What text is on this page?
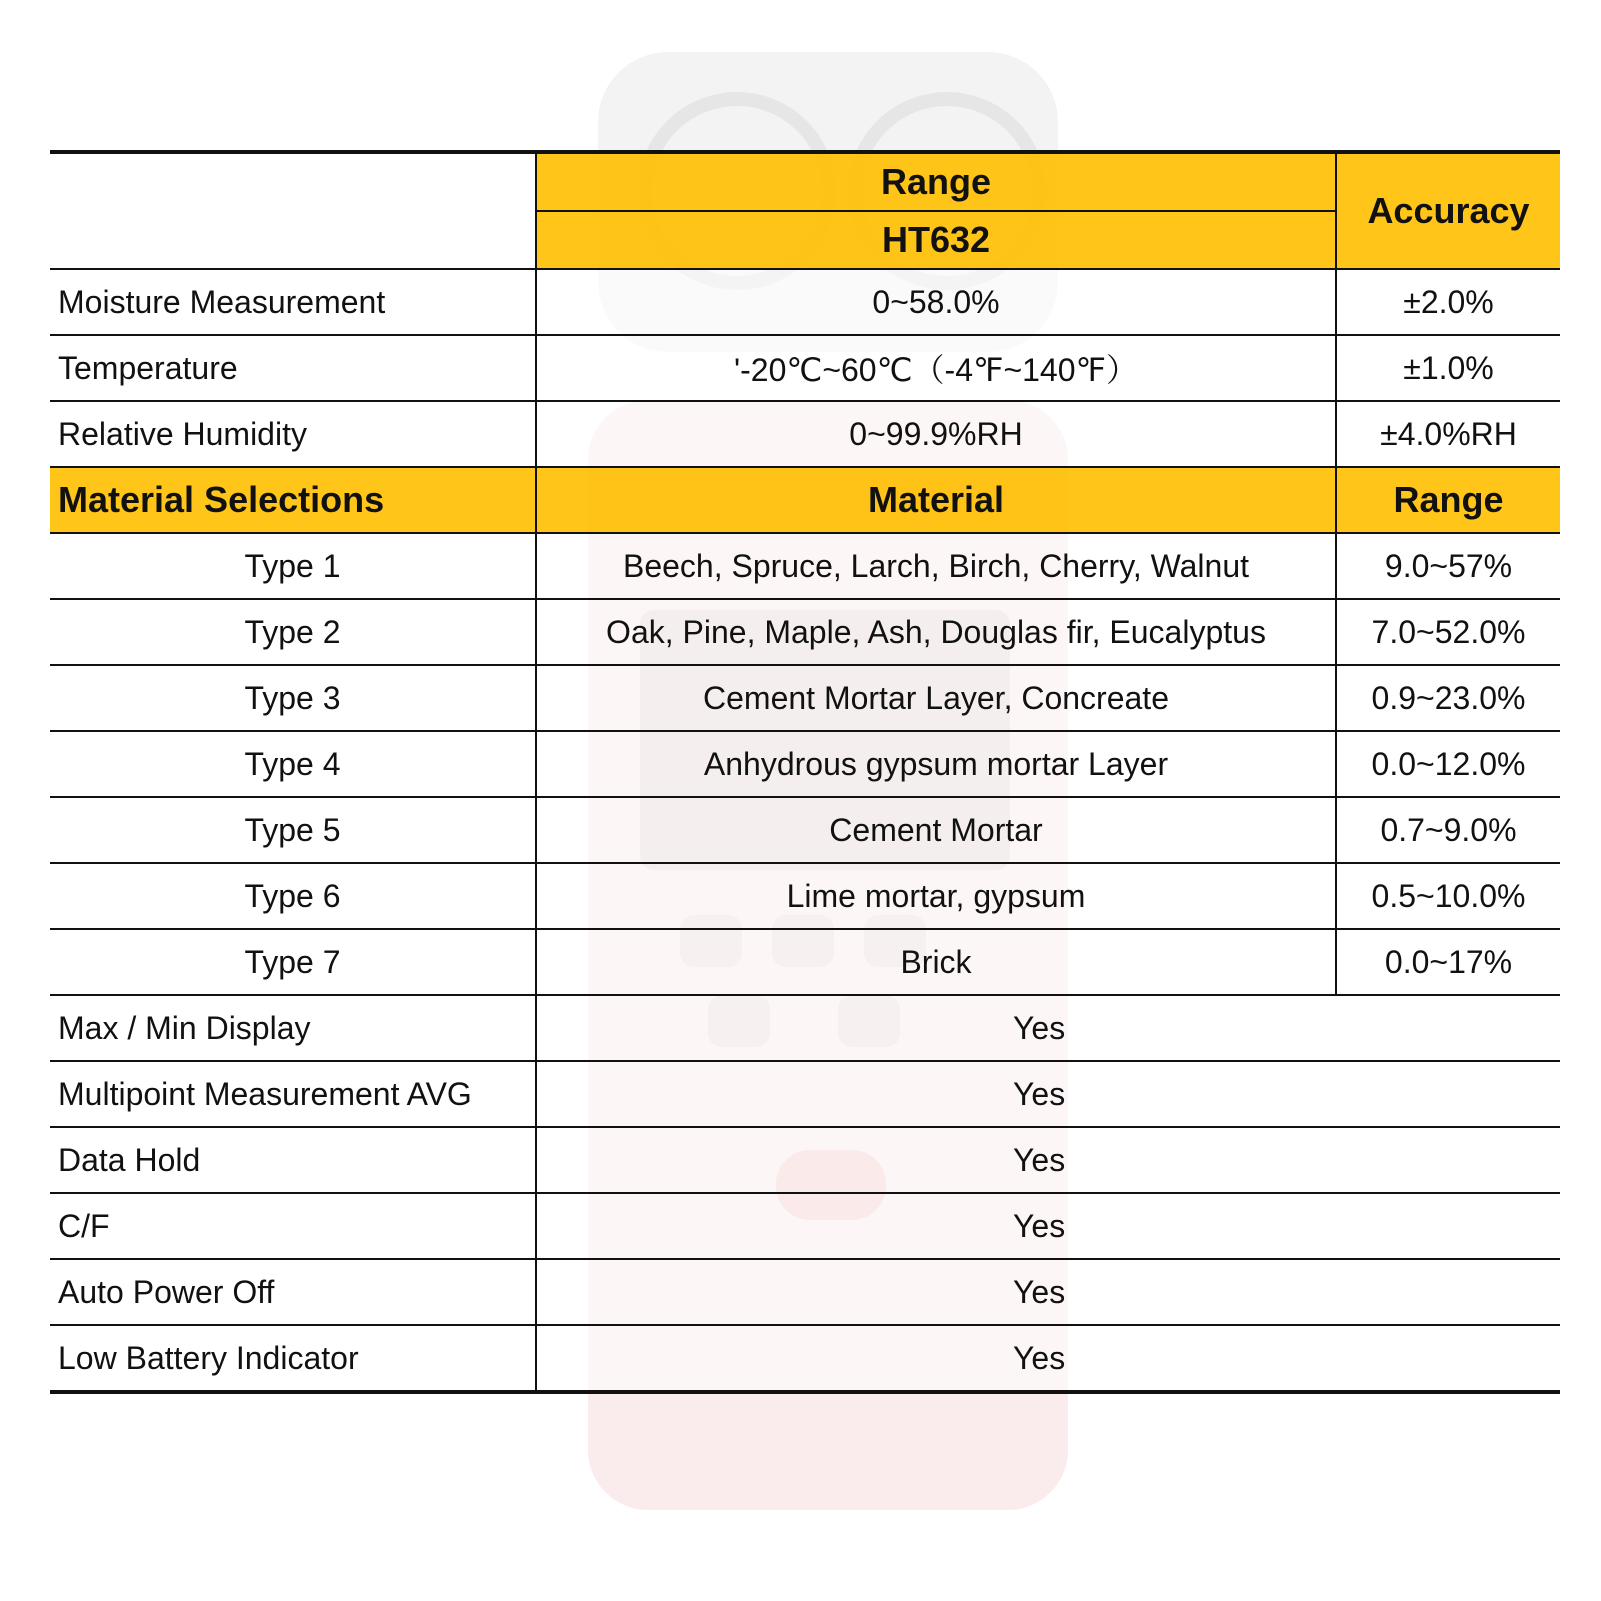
	Range	Accuracy
	HT632	
Moisture Measurement	0~58.0%	±2.0%
Temperature	'-20℃~60℃（-4℉~140℉）	±1.0%
Relative Humidity	0~99.9%RH	±4.0%RH
Material Selections	Material	Range
Type 1	Beech, Spruce, Larch, Birch, Cherry, Walnut	9.0~57%
Type 2	Oak, Pine, Maple, Ash, Douglas fir, Eucalyptus	7.0~52.0%
Type 3	Cement Mortar Layer, Concreate	0.9~23.0%
Type 4	Anhydrous gypsum mortar Layer	0.0~12.0%
Type 5	Cement Mortar	0.7~9.0%
Type 6	Lime mortar, gypsum	0.5~10.0%
Type 7	Brick	0.0~17%
Max / Min Display	Yes	
Multipoint Measurement AVG	Yes	
Data Hold	Yes	
C/F	Yes	
Auto Power Off	Yes	
Low Battery Indicator	Yes	
